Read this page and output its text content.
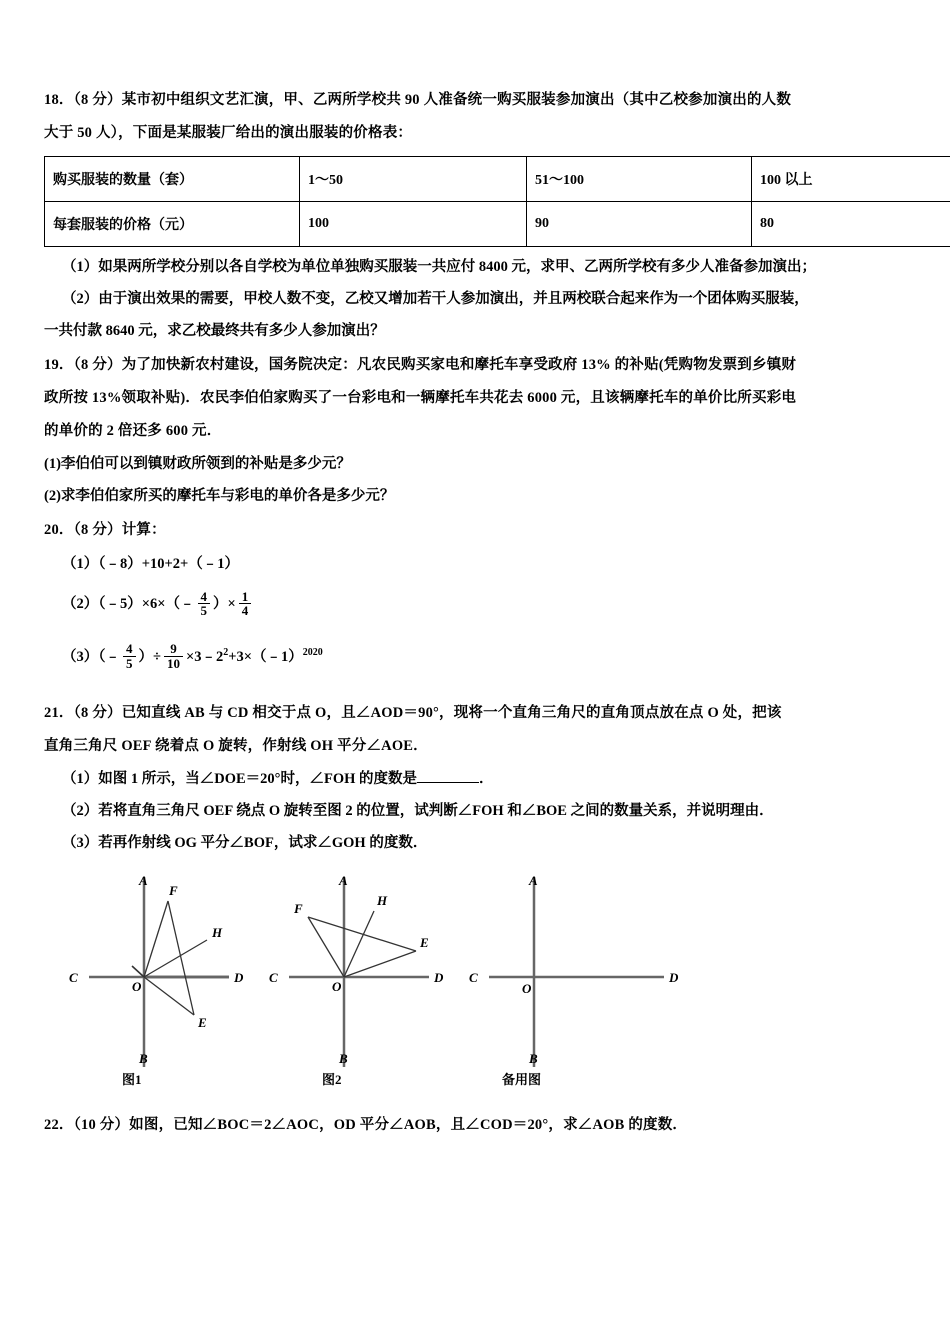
18．（8 分）某市初中组织文艺汇演，甲、乙两所学校共 90 人准备统一购买服装参加演出（其中乙校参加演出的人数

大于 50 人），下面是某服装厂给出的演出服装的价格表：

购买服装的数量（套）	1～50	51～100	100 以上
每套服装的价格（元）	100	90	80

（1）如果两所学校分别以各自学校为单位单独购买服装一共应付 8400 元，求甲、乙两所学校有多少人准备参加演出；

（2）由于演出效果的需要，甲校人数不变，乙校又增加若干人参加演出，并且两校联合起来作为一个团体购买服装，

一共付款 8640 元，求乙校最终共有多少人参加演出？

19．（8 分）为了加快新农村建设，国务院决定：凡农民购买家电和摩托车享受政府 13% 的补贴(凭购物发票到乡镇财

政所按 13%领取补贴)．农民李伯伯家购买了一台彩电和一辆摩托车共花去 6000 元，且该辆摩托车的单价比所买彩电

的单价的 2 倍还多 600 元．

(1)李伯伯可以到镇财政所领到的补贴是多少元？

(2)求李伯伯家所买的摩托车与彩电的单价各是多少元？

20．（8 分）计算：

（1）（﹣8）+10+2+（﹣1）

（2）（﹣5）×6×（﹣ $\frac{4}{5}$ ）× $\frac{1}{4}$

（3）（﹣ $\frac{4}{5}$ ）÷ $\frac{9}{10}$ $\times 3﹣2^2+3\times(﹣1)^{2020}$

21．（8 分）已知直线 AB 与 CD 相交于点 O，且∠AOD＝90°，现将一个直角三角尺的直角顶点放在点 O 处，把该

直角三角尺 OEF 绕着点 O 旋转，作射线 OH 平分∠AOE．

（1）如图 1 所示，当∠DOE＝20°时，∠FOH 的度数是	．

（2）若将直角三角尺 OEF 绕点 O 旋转至图 2 的位置，试判断∠FOH 和∠BOE 之间的数量关系，并说明理由．

（3）若再作射线 OG 平分∠BOF，试求∠GOH 的度数．

A
B
C	D
O
F
H
E
A
B
C	D
O
F
H
E
A
B
C	D
O
图1	图2	备用图

22．（10 分）如图，已知∠BOC＝2∠AOC，OD 平分∠AOB，且∠COD＝20°，求∠AOB 的度数．
